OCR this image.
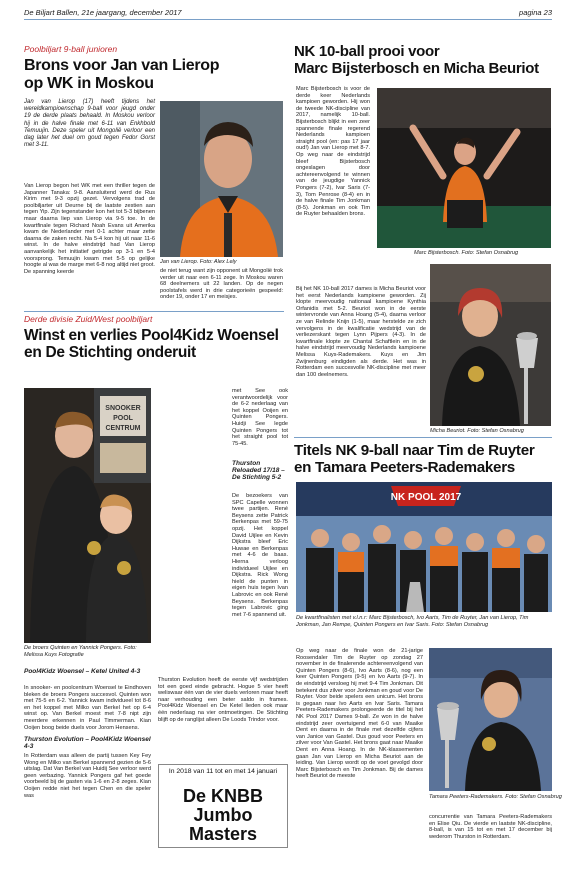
De Biljart Ballen, 21e jaargang, december 2017	pagina 23
Poolbiljart 9-ball junioren
Brons voor Jan van Lierop
op WK in Moskou
Jan van Lierop (17) heeft tijdens het wereldkampioenschap 9-ball voor jeugd onder 19 de derde plaats behaald. In Moskou verloor hij in de halve finale met 6-11 van Enkhbold Temuujin. Deze speler uit Mongolië verloor een dag later het duel om goud tegen Fedor Gorst met 3-11.
Van Lierop begon het WK met een thriller tegen de Japanner Tanaka: 9-8. Aansluitend werd de Rus Kirim met 9-3 opzij gezet. Vervolgens trad de poolbiljarter uit Deurne bij de laatste zestien aan tegen Yip. Zijn tegenstander kon het tot 5-3 bijbenen maar daarna liep van Lierop via 9-5 toe. In de kwartfinale tegen Richard Noah Evans uit Amerika kwam de Nederlander met 0-1 achter maar zette daarna de zaken recht. Na 5-4 kon hij uit naar 11-6 winst. In de halve eindstrijd had Van Lierop aanvankelijk het initiatief getrigde op 3-1 en 5-4 voorsprong. Temuujin kwam met 5-5 op gelijke hoogte al was de marge met 6-8 nog altijd niet groot. De spanning keerde
Jan van Lierop. Foto: Alex Lely
de niet terug want zijn opponent uit Mongolië trok verder uit naar een 6-11 zege. In Moskou waren 68 deelnemers uit 22 landen. Op de negen poolstafels werd in drie categorieën gespeeld: onder 19, onder 17 en meisjes.
Derde divisie Zuid/West poolbiljart
Winst en verlies Pool4Kidz Woensel
en De Stichting onderuit
SNOOKER
POOL
CENTRUM
De broers Quinten en Yannick Pongers. Foto: Melissa Kuys Fotografie
Pool4Kidz Woensel – Ketel United 4-3
In snooker- en poolcentrum Woensel te Eindhoven bleken de broers Pongers succesvol. Quinten won met 75-5 en 6-2. Yannick kwam individueel tot 8-6 en het koppel met Milko van Berkel het op 6-4 winst op. Van Berkel moest met 7-8 nipt zijn meerdere erkennen in Paul Timmerman. Kian Ooijen boog beide duels voor Jorom Hensens.
Thurston Evolution – Pool4Kidz Woensel 4-3
In Rotterdam was alleen de partij tussen Key Fey Wong en Milko van Berkel spannend gezien de 5-6 uitslag. Dat Van Berkel van Huidij See verloor werd geen verbazing. Yannick Pongers gaf het goede voorbeeld bij de gasten via 1-6 en 2-8 zeges. Kian Ooijen redde niet het tegen Chen en die speler was
met See ook verantwoordelijk voor de 6-2 nederlaag van het koppel Ooijen en Quinten Pongers. Huidji See legde Quinten Pongers tot het straight pool tot 75-45.
Thurston Reloaded 17/18 – De Stichting 5-2
De bezoekers van SPC Capelle wonnen twee partijen. René Beysens zette Patrick Berkenpas met 59-75 opzij. Het koppel David Uijlee en Kevin Dijkstra bleef Eric Huwae en Berkenpas met 4-6 de baas. Hierna verloog individueel Uijlee en Dijkstra. Rick Wong hield de punten in eigen huis tegen Ivan Labrovic en ook René Beysens. Berkenpas tegen Labrovic ging met 7-6 spannend uit.
Thurston Evolution heeft de eerste vijf wedstrijden tot een goed einde gebracht. Hogue 5 vier heeft weliswaar één van de vier duels verloren maar heeft naar verhouding een beter saldo in frames. Pool4Kidz Woensel en De Ketel lieden ook maar één nederlaag na vier ontmoetingen. De Stichting blijft op de ranglijst alleen De Loods Trindor voor.
In 2018 van 11 tot en met 14 januari
De KNBB
Jumbo Masters
NK 10-ball prooi voor
Marc Bijsterbosch en Micha Beuriot
Marc Bijsterbosch is voor de derde keer Nederlands kampioen geworden. Hij won de tweede NK-discipline van 2017, namelijk 10-ball. Bijsterbosch blijkt in een zeer spannende finale regerend Nederlands kampioen straight pool (en: pas 17 jaar oud!) Jan van Lierop met 8-7. Op weg naar de eindstrijd bleef Bijsterbosch ongeslagen door achtereenvolgend te winnen van de jeugdige Yannick Pongers (7-2), Ivar Saris (7-3), Tom Penrose (8-4) en in de halve finale Tim Jonkman (8-5). Jonkman en ook Tim de Ruyter behaalden brons.
Marc Bijsterbosch. Foto: Stefan Osnabrug
Bij het NK 10-ball 2017 dames is Micha Beuriot voor het eerst Nederlands kampioene geworden. Zij klopte meervoudig nationaal kampioene Kynthia Orfanidis met 5-2. Beuriot won in de eerste wintervronde van Anna Hoang (5-4), daarna verloor ze van Relinde Knijn (1-5), maar herstelde ze zich vervolgens in de kwalificatie wedstrijd van de verliezerskant tegen Lynn Pijpers (4-3). In de kwartfinale klopte ze Chantal Schaftlein en in de halve eindstrijd meervoudig Nederlands kampioene Melissa Kuys-Rademakers. Kuys en Jim Zwijnenburg eindigden als derde. Het was in Rotterdam een succesvolle NK-discipline met meer dan 100 deelnemers.
Micha Beuriot. Foto: Stefan Osnabrug
Titels NK 9-ball naar Tim de Ruyter
en Tamara Peeters-Rademakers
NK POOL 2017
De kwartfinalisten met v.l.n.r: Marc Bijsterbosch, Ivo Aarts, Tim de Ruyter, Jan van Lierop, Tim Jonkman, Jan Rempe, Quinten Pongers en Ivar Saris. Foto: Stefan Osnabrug
Op weg naar de finale won de 21-jarige Roosendaler Tim de Ruyter op zondag 27 november in de finalerende achtereenvolgend van Quinten Pongers (8-6), Ivo Aarts (8-6), nog een keer Quinten Pongers (9-5) en Ivo Aarts (9-7). In de eindstrijd versloeg hij met 9-4 Tim Jonkman. Dit betekent dus zilver voor Jonkman en goud voor De Ruyter. Voor beide spelers een unicum. Het brons is gegaan naar Ivo Aarts en Ivar Saris. Tamara Peeters-Rademakers prolongeerde de titel bij het NK Pool 2017 Dames 9-ball. Ze won in de halve eindstrijd zeer overtuigend met 6-0 van Maaike Dent en daarna in de finale met dezelfde cijfers van Janice van Gastel. Dus goud voor Peeters en zilver voor Van Gastel. Het brons gaat naar Maaike Dent en Anna Hoang. In de NK-klassementen gaan Jan van Lierop en Micha Beuriot aan de leiding. Van Lierop wordt op de voet gevolgd door Marc Bijsterbosch en Tim Jonkman. Bij de dames heeft Beuriot de meeste
Tamara Peeters-Rademakers. Foto: Stefan Osnabrug
concurrentie van Tamara Peeters-Rademakers en Elise Qiu. De vierde en laatste NK-discipline, 8-ball, is van 15 tot en met 17 december bij wederom Thurston in Rotterdam.
